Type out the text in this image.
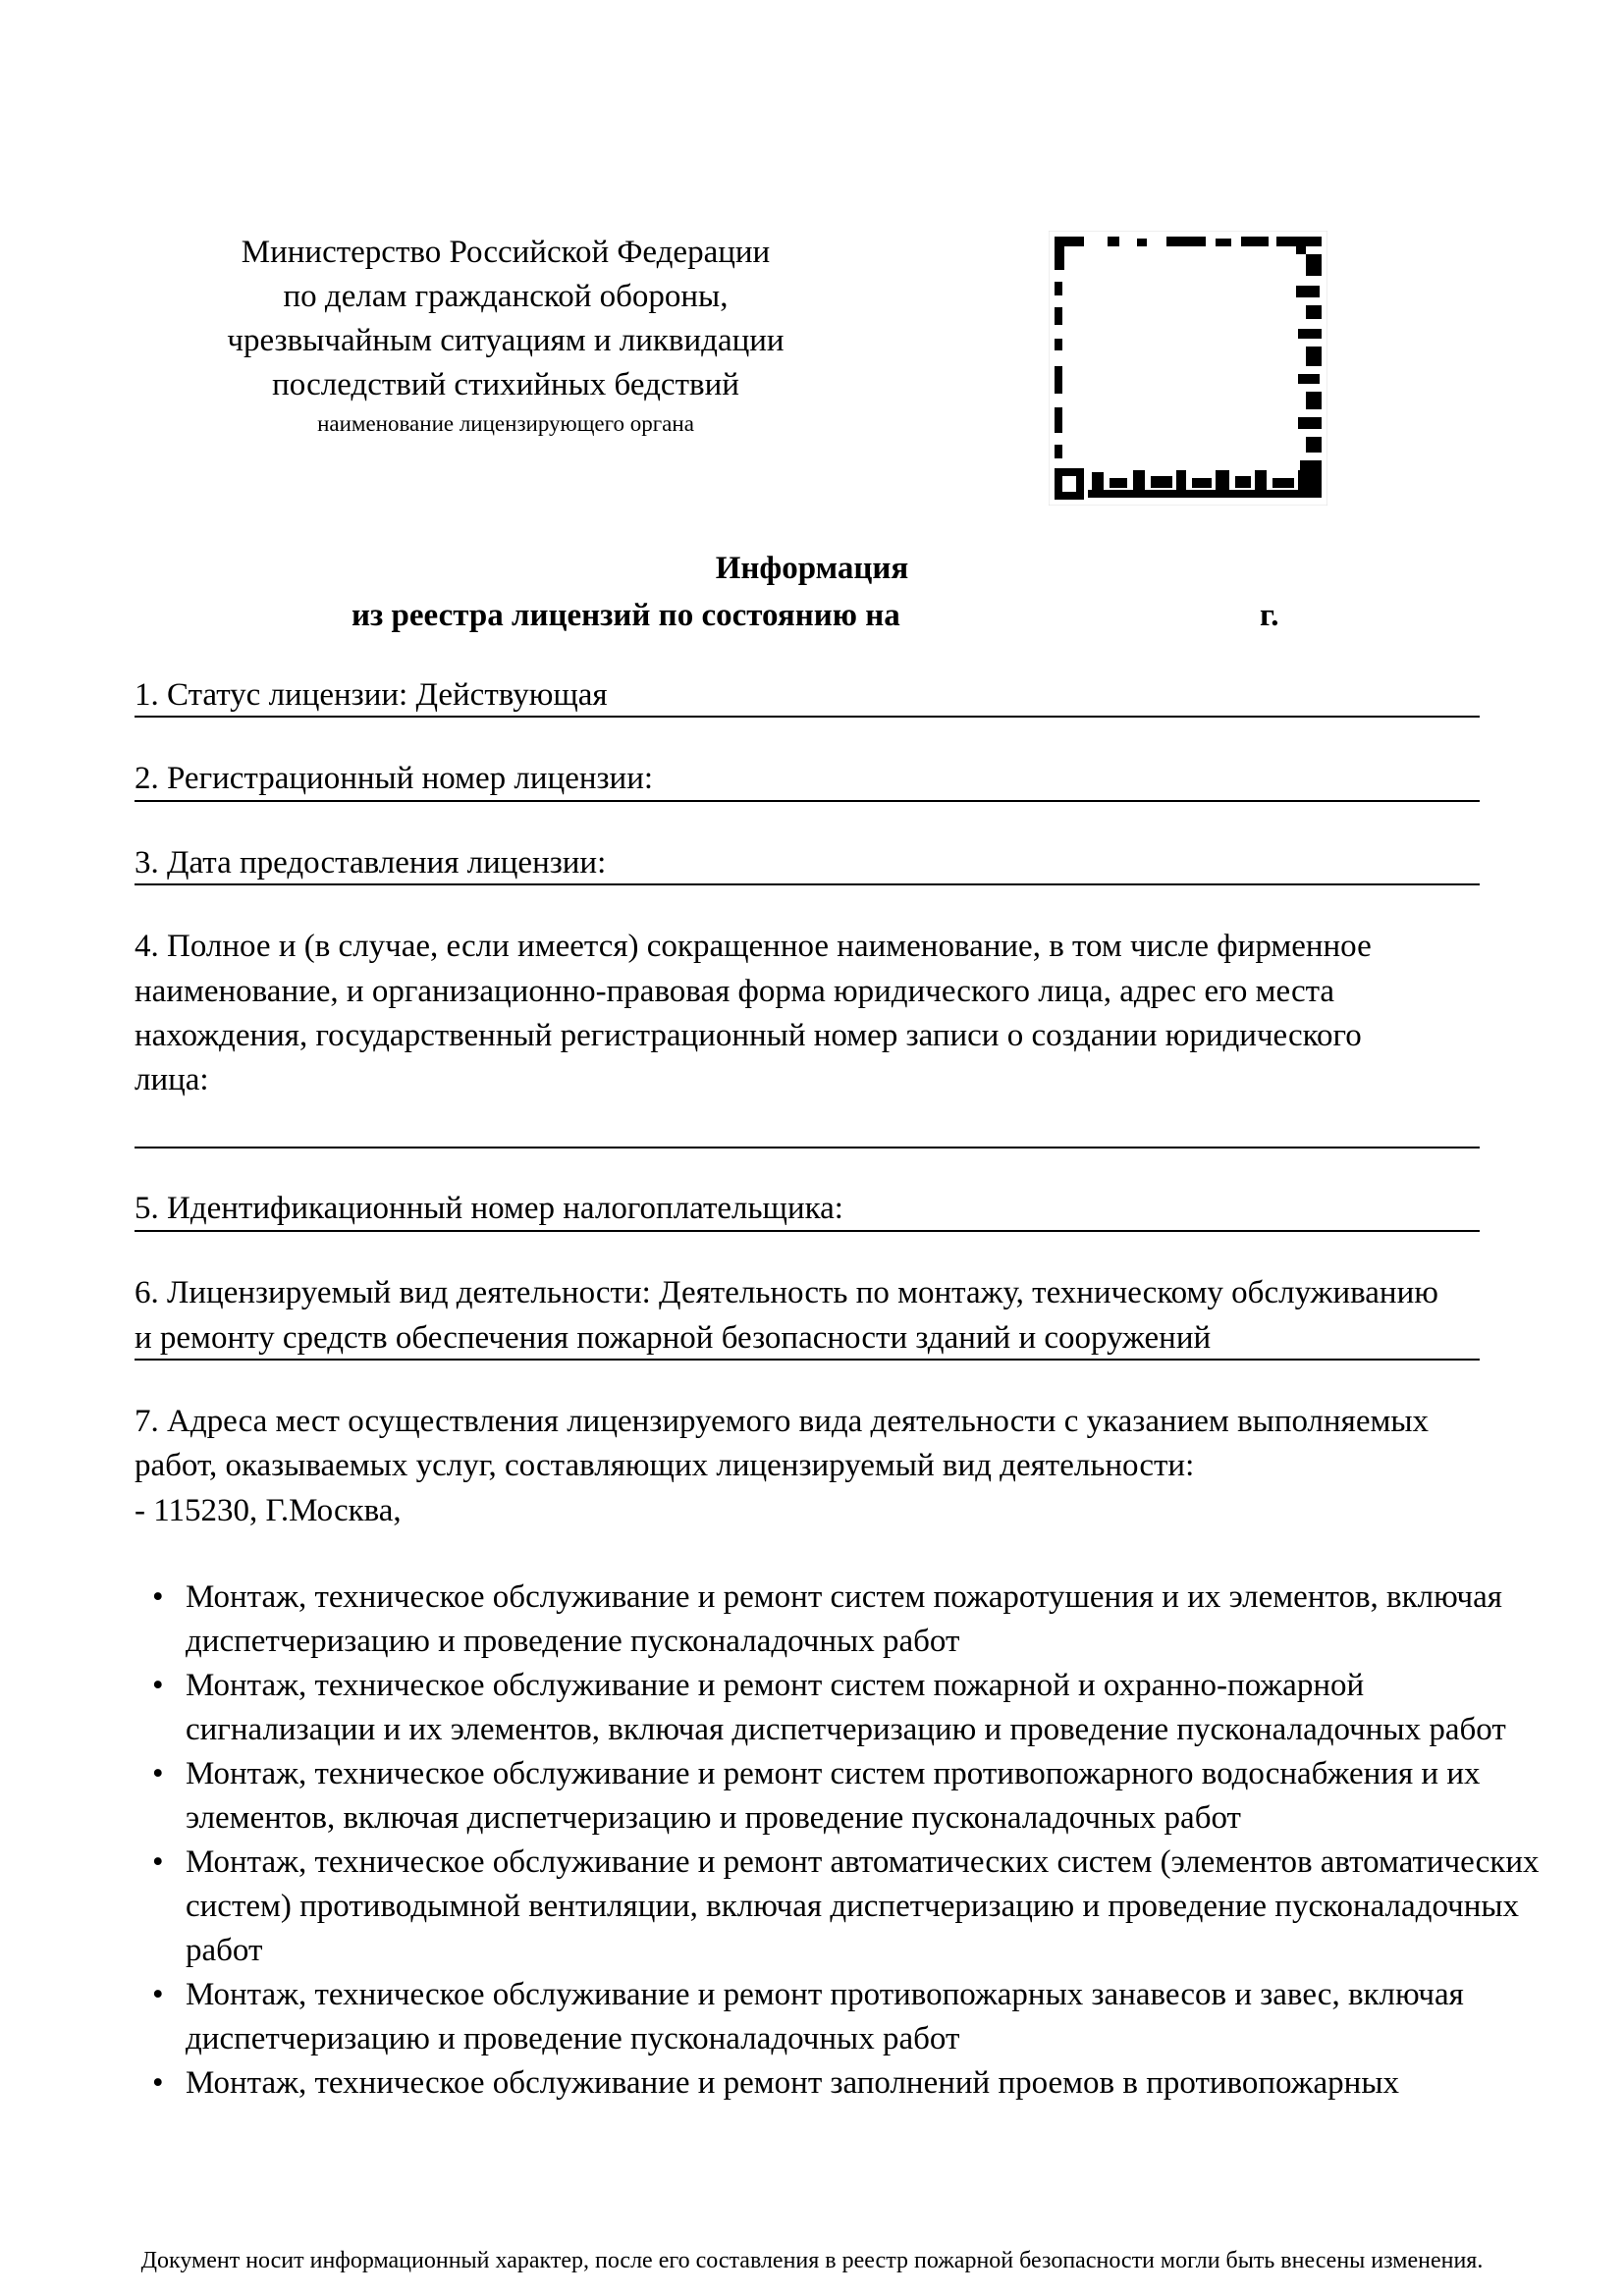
Министерство Российской Федерации
по делам гражданской обороны,
чрезвычайным ситуациям и ликвидации
последствий стихийных бедствий
наименование лицензирующего органа
Информация
из реестра лицензий по состоянию на	г.
1. Статус лицензии: Действующая
2. Регистрационный номер лицензии:
3. Дата предоставления лицензии:
4. Полное и (в случае, если имеется) сокращенное наименование, в том числе фирменное
наименование, и организационно-правовая форма юридического лица, адрес его места
нахождения, государственный регистрационный номер записи о создании юридического
лица:
5. Идентификационный номер налогоплательщика:
6. Лицензируемый вид деятельности: Деятельность по монтажу, техническому обслуживанию
и ремонту средств обеспечения пожарной безопасности зданий и сооружений
7. Адреса мест осуществления лицензируемого вида деятельности с указанием выполняемых
работ, оказываемых услуг, составляющих лицензируемый вид деятельности:
- 115230, Г.Москва,
• Монтаж, техническое обслуживание и ремонт систем пожаротушения и их элементов, включая диспетчеризацию и проведение пусконаладочных работ
• Монтаж, техническое обслуживание и ремонт систем пожарной и охранно-пожарной сигнализации и их элементов, включая диспетчеризацию и проведение пусконаладочных работ
• Монтаж, техническое обслуживание и ремонт систем противопожарного водоснабжения и их элементов, включая диспетчеризацию и проведение пусконаладочных работ
• Монтаж, техническое обслуживание и ремонт автоматических систем (элементов автоматических систем) противодымной вентиляции, включая диспетчеризацию и проведение пусконаладочных работ
• Монтаж, техническое обслуживание и ремонт противопожарных занавесов и завес, включая диспетчеризацию и проведение пусконаладочных работ
• Монтаж, техническое обслуживание и ремонт заполнений проемов в противопожарных
Документ носит информационный характер, после его составления в реестр пожарной безопасности могли быть внесены изменения.
